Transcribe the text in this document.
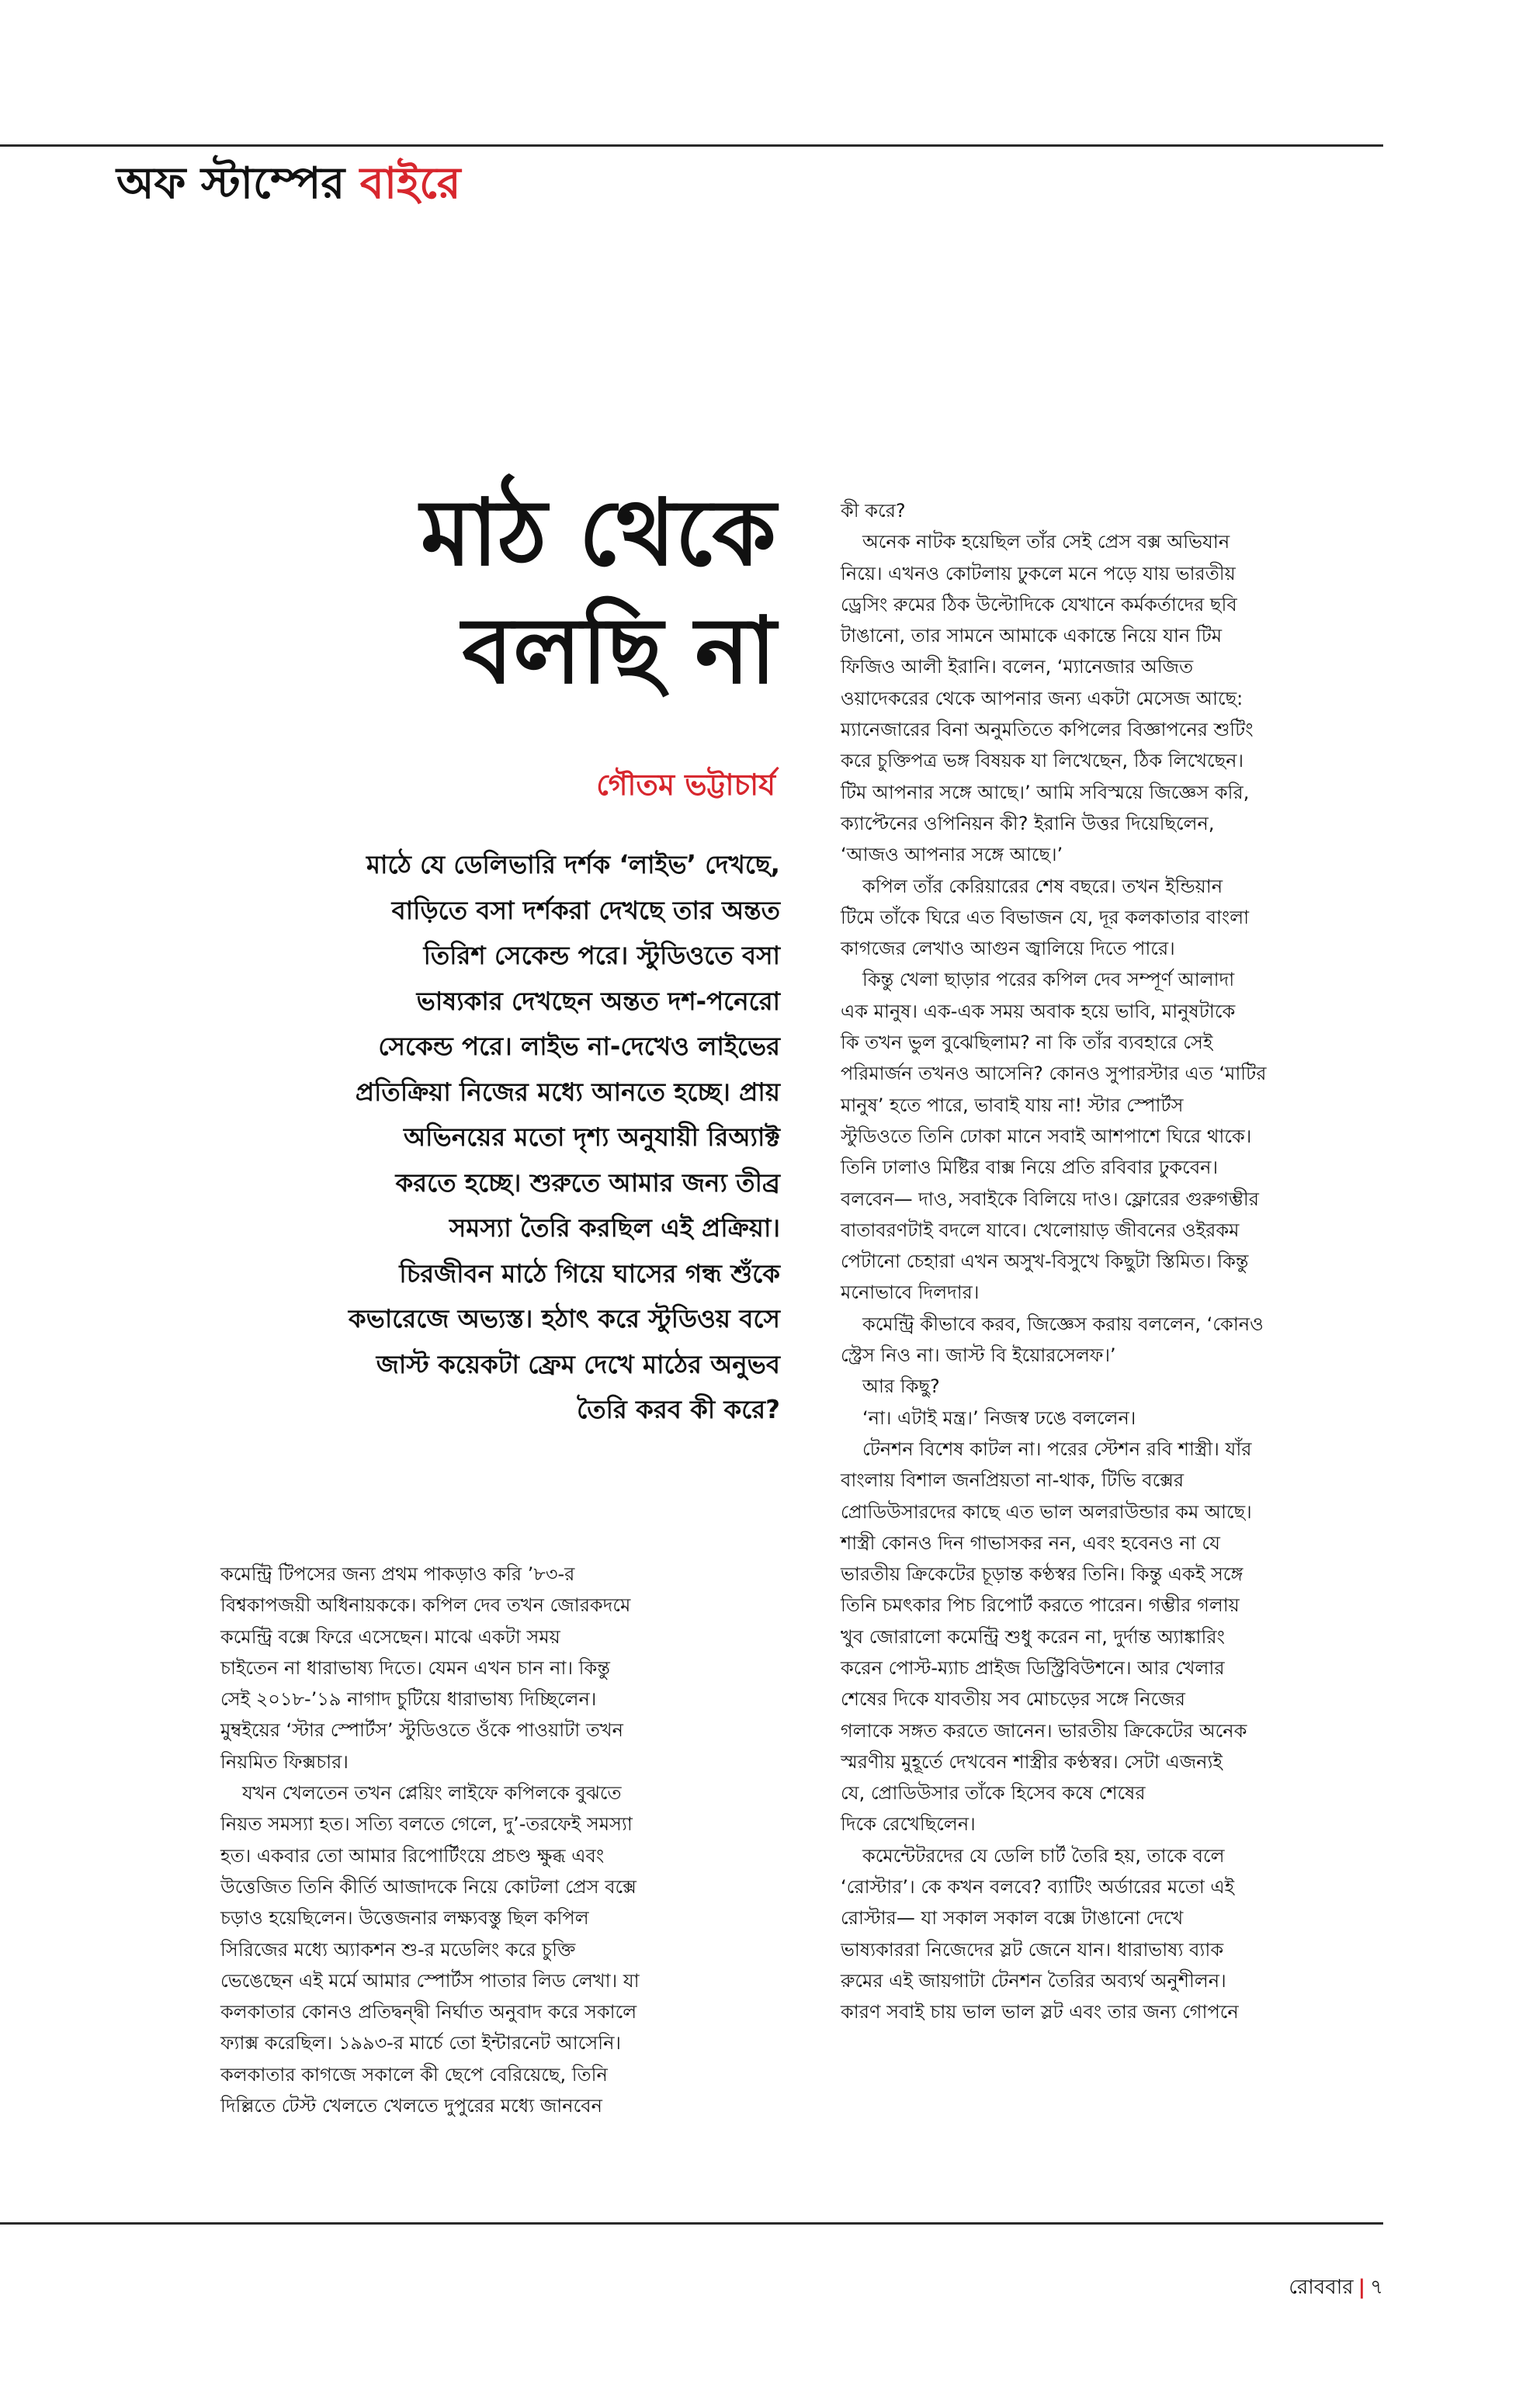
অফ স্টাম্পের বাইরে
মাঠ থেকে
বলছি না
গৌতম ভট্টাচার্য
মাঠে যে ডেলিভারি দর্শক ‘লাইভ’ দেখছে,
বাড়িতে বসা দর্শকরা দেখছে তার অন্তত
তিরিশ সেকেন্ড পরে। স্টুডিওতে বসা
ভাষ্যকার দেখছেন অন্তত দশ-পনেরো
সেকেন্ড পরে। লাইভ না-দেখেও লাইভের
প্রতিক্রিয়া নিজের মধ্যে আনতে হচ্ছে। প্রায়
অভিনয়ের মতো দৃশ্য অনুযায়ী রিঅ্যাক্ট
করতে হচ্ছে। শুরুতে আমার জন্য তীব্র
সমস্যা তৈরি করছিল এই প্রক্রিয়া।
চিরজীবন মাঠে গিয়ে ঘাসের গন্ধ শুঁকে
কভারেজে অভ্যস্ত। হঠাৎ করে স্টুডিওয় বসে
জাস্ট কয়েকটা ফ্রেম দেখে মাঠের অনুভব
তৈরি করব কী করে?
কমেন্ট্রি টিপসের জন্য প্রথম পাকড়াও করি ’৮৩-র
বিশ্বকাপজয়ী অধিনায়ককে। কপিল দেব তখন জোরকদমে
কমেন্ট্রি বক্সে ফিরে এসেছেন। মাঝে একটা সময়
চাইতেন না ধারাভাষ্য দিতে। যেমন এখন চান না। কিন্তু
সেই ২০১৮-’১৯ নাগাদ চুটিয়ে ধারাভাষ্য দিচ্ছিলেন।
মুম্বইয়ের ‘স্টার স্পোর্টস’ স্টুডিওতে ওঁকে পাওয়াটা তখন
নিয়মিত ফিক্সচার।
যখন খেলতেন তখন প্লেয়িং লাইফে কপিলকে বুঝতে
নিয়ত সমস্যা হত। সত্যি বলতে গেলে, দু’-তরফেই সমস্যা
হত। একবার তো আমার রিপোর্টিংয়ে প্রচণ্ড ক্ষুব্ধ এবং
উত্তেজিত তিনি কীর্তি আজাদকে নিয়ে কোটলা প্রেস বক্সে
চড়াও হয়েছিলেন। উত্তেজনার লক্ষ্যবস্তু ছিল কপিল
সিরিজের মধ্যে অ্যাকশন শু-র মডেলিং করে চুক্তি
ভেঙেছেন এই মর্মে আমার স্পোর্টস পাতার লিড লেখা। যা
কলকাতার কোনও প্রতিদ্বন্দ্বী নির্ঘাত অনুবাদ করে সকালে
ফ্যাক্স করেছিল। ১৯৯৩-র মার্চে তো ইন্টারনেট আসেনি।
কলকাতার কাগজে সকালে কী ছেপে বেরিয়েছে, তিনি
দিল্লিতে টেস্ট খেলতে খেলতে দুপুরের মধ্যে জানবেন
কী করে?
অনেক নাটক হয়েছিল তাঁর সেই প্রেস বক্স অভিযান
নিয়ে। এখনও কোটলায় ঢুকলে মনে পড়ে যায় ভারতীয়
ড্রেসিং রুমের ঠিক উল্টোদিকে যেখানে কর্মকর্তাদের ছবি
টাঙানো, তার সামনে আমাকে একান্তে নিয়ে যান টিম
ফিজিও আলী ইরানি। বলেন, ‘ম্যানেজার অজিত
ওয়াদেকরের থেকে আপনার জন্য একটা মেসেজ আছে:
ম্যানেজারের বিনা অনুমতিতে কপিলের বিজ্ঞাপনের শুটিং
করে চুক্তিপত্র ভঙ্গ বিষয়ক যা লিখেছেন, ঠিক লিখেছেন।
টিম আপনার সঙ্গে আছে।’ আমি সবিস্ময়ে জিজ্ঞেস করি,
ক্যাপ্টেনের ওপিনিয়ন কী? ইরানি উত্তর দিয়েছিলেন,
‘আজও আপনার সঙ্গে আছে।’
কপিল তাঁর কেরিয়ারের শেষ বছরে। তখন ইন্ডিয়ান
টিমে তাঁকে ঘিরে এত বিভাজন যে, দূর কলকাতার বাংলা
কাগজের লেখাও আগুন জ্বালিয়ে দিতে পারে।
কিন্তু খেলা ছাড়ার পরের কপিল দেব সম্পূর্ণ আলাদা
এক মানুষ। এক-এক সময় অবাক হয়ে ভাবি, মানুষটাকে
কি তখন ভুল বুঝেছিলাম? না কি তাঁর ব্যবহারে সেই
পরিমার্জন তখনও আসেনি? কোনও সুপারস্টার এত ‘মাটির
মানুষ’ হতে পারে, ভাবাই যায় না! স্টার স্পোর্টস
স্টুডিওতে তিনি ঢোকা মানে সবাই আশপাশে ঘিরে থাকে।
তিনি ঢালাও মিষ্টির বাক্স নিয়ে প্রতি রবিবার ঢুকবেন।
বলবেন— দাও, সবাইকে বিলিয়ে দাও। ফ্লোরের গুরুগম্ভীর
বাতাবরণটাই বদলে যাবে। খেলোয়াড় জীবনের ওইরকম
পেটানো চেহারা এখন অসুখ-বিসুখে কিছুটা স্তিমিত। কিন্তু
মনোভাবে দিলদার।
কমেন্ট্রি কীভাবে করব, জিজ্ঞেস করায় বললেন, ‘কোনও
স্ট্রেস নিও না। জাস্ট বি ইয়োরসেলফ।’
আর কিছু?
‘না। এটাই মন্ত্র।’ নিজস্ব ঢঙে বললেন।
টেনশন বিশেষ কাটল না। পরের স্টেশন রবি শাস্ত্রী। যাঁর
বাংলায় বিশাল জনপ্রিয়তা না-থাক, টিভি বক্সের
প্রোডিউসারদের কাছে এত ভাল অলরাউন্ডার কম আছে।
শাস্ত্রী কোনও দিন গাভাসকর নন, এবং হবেনও না যে
ভারতীয় ক্রিকেটের চূড়ান্ত কণ্ঠস্বর তিনি। কিন্তু একই সঙ্গে
তিনি চমৎকার পিচ রিপোর্ট করতে পারেন। গম্ভীর গলায়
খুব জোরালো কমেন্ট্রি শুধু করেন না, দুর্দান্ত অ্যাঙ্কারিং
করেন পোস্ট-ম্যাচ প্রাইজ ডিস্ট্রিবিউশনে। আর খেলার
শেষের দিকে যাবতীয় সব মোচড়ের সঙ্গে নিজের
গলাকে সঙ্গত করতে জানেন। ভারতীয় ক্রিকেটের অনেক
স্মরণীয় মুহূর্তে দেখবেন শাস্ত্রীর কণ্ঠস্বর। সেটা এজন্যই
যে, প্রোডিউসার তাঁকে হিসেব কষে শেষের
দিকে রেখেছিলেন।
কমেন্টেটরদের যে ডেলি চার্ট তৈরি হয়, তাকে বলে
‘রোস্টার’। কে কখন বলবে? ব্যাটিং অর্ডারের মতো এই
রোস্টার— যা সকাল সকাল বক্সে টাঙানো দেখে
ভাষ্যকাররা নিজেদের স্লট জেনে যান। ধারাভাষ্য ব্যাক
রুমের এই জায়গাটা টেনশন তৈরির অব্যর্থ অনুশীলন।
কারণ সবাই চায় ভাল ভাল স্লট এবং তার জন্য গোপনে
রোববার | ৭
